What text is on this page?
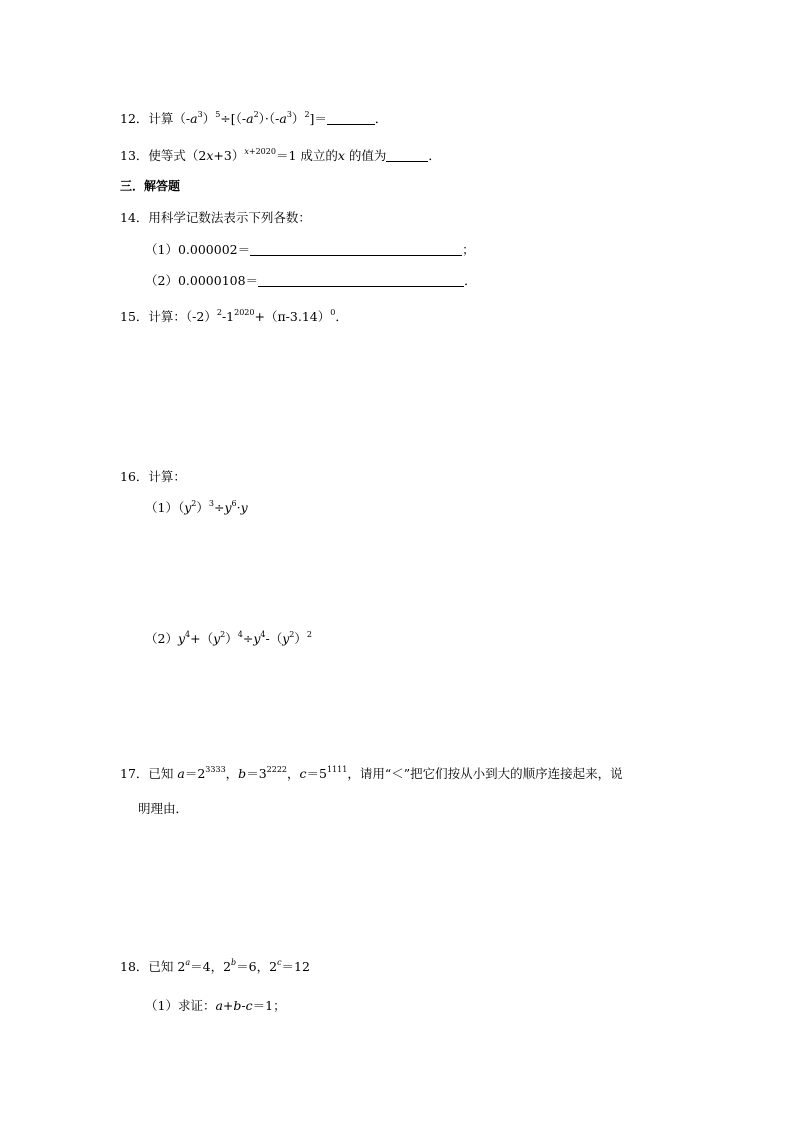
12．计算$(-a^3)^5\div[(-a^2)\cdot(-a^3)^2]=$	．
13．使等式$(2x+3)^{x+2020}=1$ 成立的x 的值为	．
三．解答题
14．用科学记数法表示下列各数：
（1）0.000002＝	；
（2）0.0000108＝	．
15．计算：$(-2)^2-1^{2020}+(\pi-3.14)^0$．
16．计算：
$(1)(y^2)^3\div y^6\cdot y$
$(2)y^4+(y^2)^4\div y^4-(y^2)^2$
17．已知 $a=2^{3333}$，$b=3^{2222}$，$c=5^{1111}$，请用“＜”把它们按从小到大的顺序连接起来，说
明理由．
18．已知 $2^a=4$，$2^b=6$，$2^c=12$
（1）求证：a+b-c＝1；
